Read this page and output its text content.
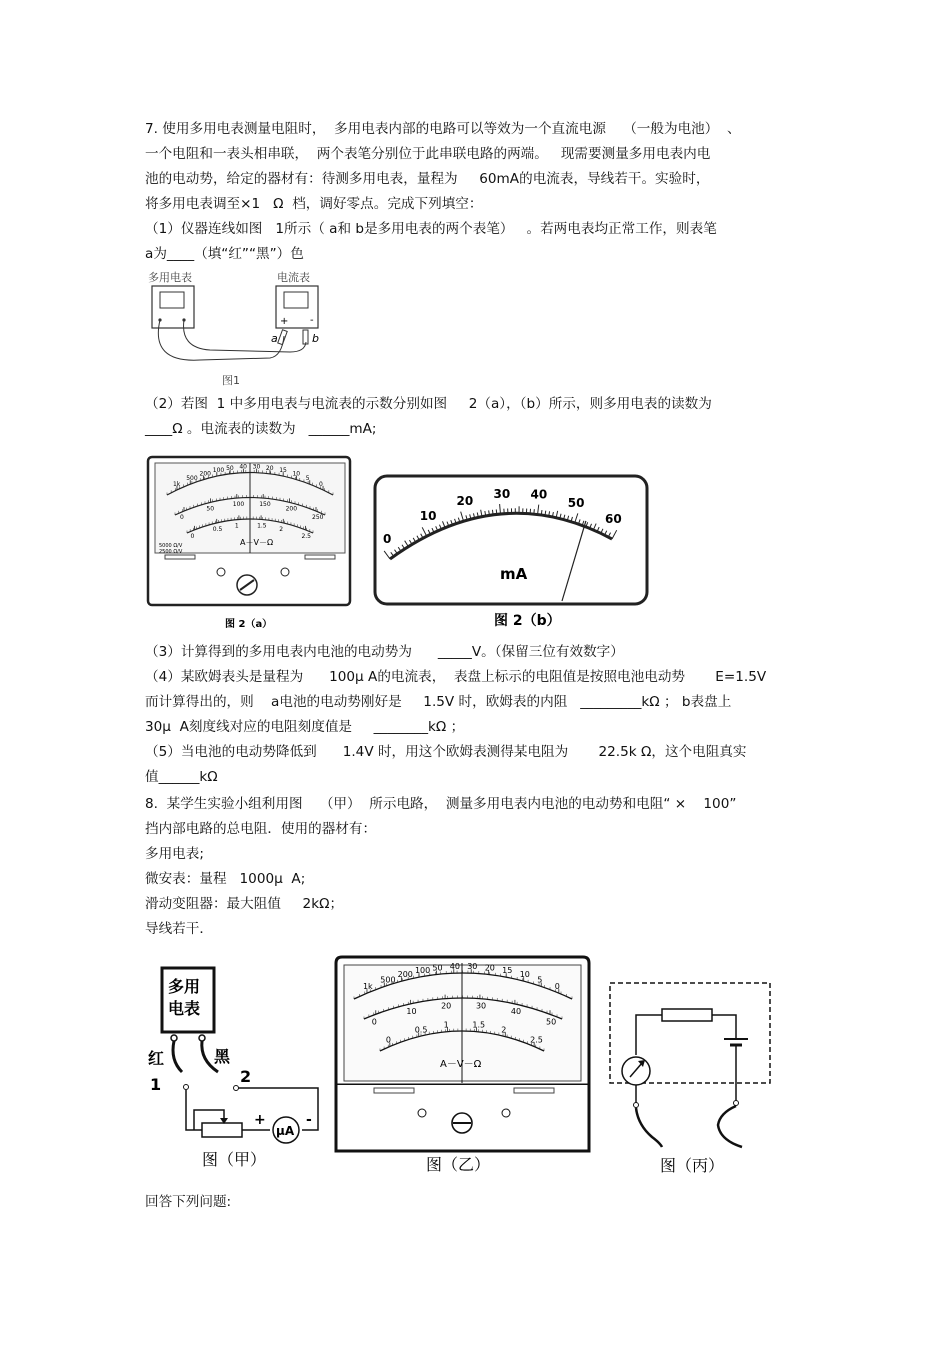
7. 使用多用电表测量电阻时，  多用电表内部的电路可以等效为一个直流电源    （一般为电池）  、
一个电阻和一表头相串联，  两个表笔分别位于此串联电路的两端。   现需要测量多用电表内电
池的电动势，给定的器材有：待测多用电表，量程为     60mA的电流表，导线若干。实验时，
将多用电表调至×1   Ω  档，调好零点。完成下列填空：
（1）仪器连线如图   1所示（ a和 b是多用电表的两个表笔）   。若两电表均正常工作，则表笔
a为____（填“红”“黑”）色
多用电表	电流表
+ -
a	b
图1
（2）若图  1 中多用电表与电流表的示数分别如图     2（a），（b）所示，则多用电表的读数为
____Ω 。电流表的读数为   ______mA;
1k
500
200 100 50 40 30 20 15 10
5
0
0
50
100 150
200
250
0
0.5 1	1.5 2
2.5
A－V－Ω
5000 Ω/V
2500 Ω/V
图 2（a）
0
10
20
30 40
50
60
mA
图 2（b）
（3）计算得到的多用电表内电池的电动势为      _____V。（保留三位有效数字）
（4）某欧姆表头是量程为      100μ A的电流表，  表盘上标示的电阻值是按照电池电动势       E=1.5V
而计算得出的，则    a电池的电动势刚好是     1.5V 时，欧姆表的内阻   _________kΩ ； b表盘上
30μ  A刻度线对应的电阻刻度值是     ________kΩ ；
（5）当电池的电动势降低到      1.4V 时，用这个欧姆表测得某电阻为       22.5k Ω，这个电阻真实
值______kΩ
8.  某学生实验小组利用图    （甲）  所示电路，  测量多用电表内电池的电动势和电阻“ ×    100”
挡内部电路的总电阻．使用的器材有：
多用电表;
微安表：量程   1000μ  A;
滑动变阻器：最大阻值     2kΩ；
导线若干．
多用
电表
红	黑
1	2
+
μA
-
图（甲）
1k
500
200 100 50 40 30 20 15 10
5
0
0
10
20	30
40
50
0
0.5
1	1.5
2
2.5
A－V－Ω
图（乙）	图（丙）
回答下列问题:
